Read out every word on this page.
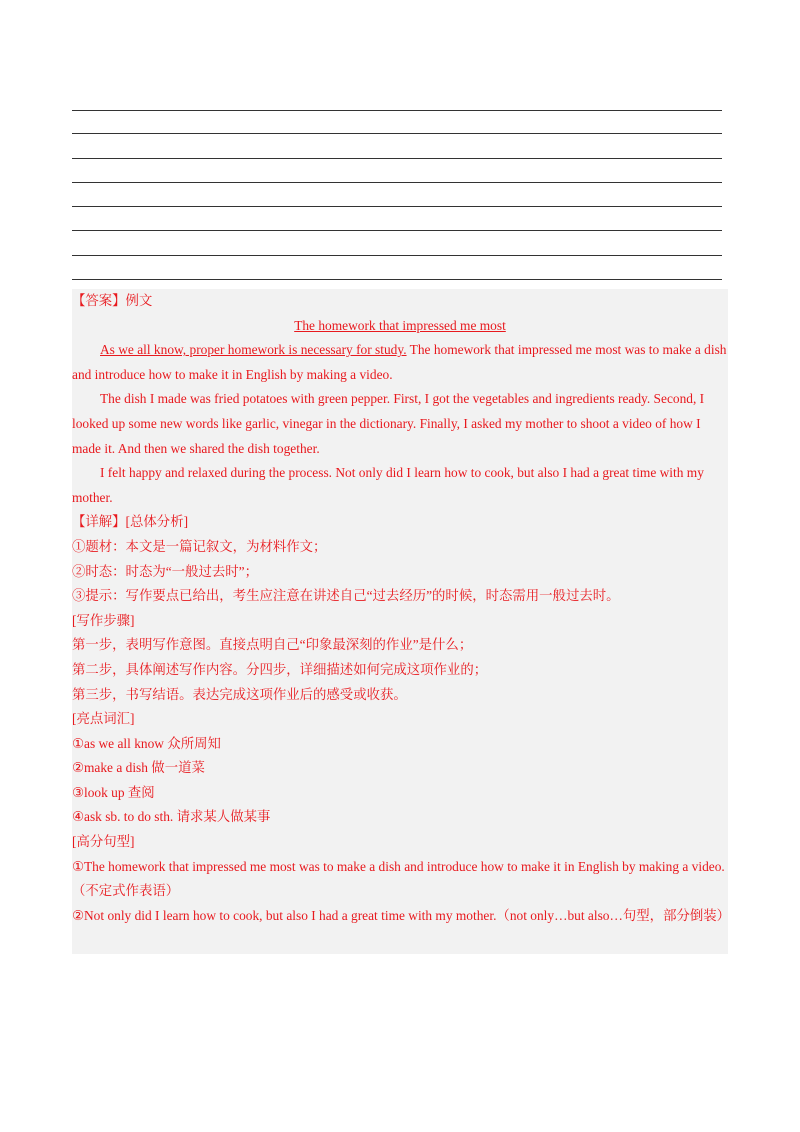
【答案】例文

The homework that impressed me most

As we all know, proper homework is necessary for study. The homework that impressed me most was to make a dish and introduce how to make it in English by making a video.

The dish I made was fried potatoes with green pepper. First, I got the vegetables and ingredients ready. Second, I looked up some new words like garlic, vinegar in the dictionary. Finally, I asked my mother to shoot a video of how I made it. And then we shared the dish together.

I felt happy and relaxed during the process. Not only did I learn how to cook, but also I had a great time with my mother.

【详解】[总体分析]

①题材：本文是一篇记叙文，为材料作文；

②时态：时态为“一般过去时”；

③提示：写作要点已给出，考生应注意在讲述自己“过去经历”的时候，时态需用一般过去时。

[写作步骤]

第一步，表明写作意图。直接点明自己“印象最深刻的作业”是什么；

第二步，具体阐述写作内容。分四步，详细描述如何完成这项作业的；

第三步，书写结语。表达完成这项作业后的感受或收获。

[亮点词汇]

①as we all know 众所周知

②make a dish 做一道菜

③look up 查阅

④ask sb. to do sth. 请求某人做某事

[高分句型]

①The homework that impressed me most was to make a dish and introduce how to make it in English by making a video.（不定式作表语）

②Not only did I learn how to cook, but also I had a great time with my mother.（not only…but also…句型，部分倒装）
